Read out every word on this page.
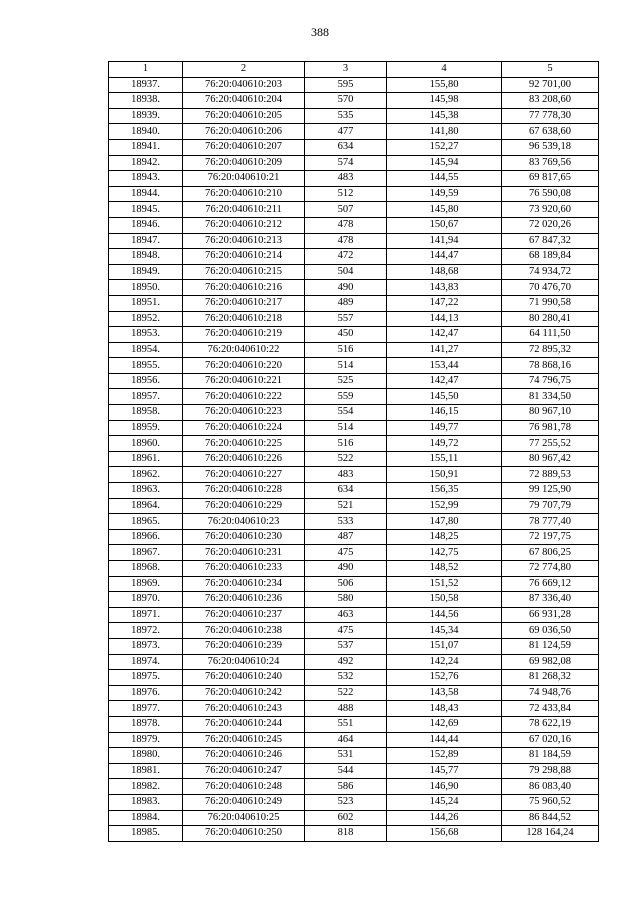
388
1	2	3	4	5
18937.	76:20:040610:203	595	155,80	92 701,00
18938.	76:20:040610:204	570	145,98	83 208,60
18939.	76:20:040610:205	535	145,38	77 778,30
18940.	76:20:040610:206	477	141,80	67 638,60
18941.	76:20:040610:207	634	152,27	96 539,18
18942.	76:20:040610:209	574	145,94	83 769,56
18943.	76:20:040610:21	483	144,55	69 817,65
18944.	76:20:040610:210	512	149,59	76 590,08
18945.	76:20:040610:211	507	145,80	73 920,60
18946.	76:20:040610:212	478	150,67	72 020,26
18947.	76:20:040610:213	478	141,94	67 847,32
18948.	76:20:040610:214	472	144,47	68 189,84
18949.	76:20:040610:215	504	148,68	74 934,72
18950.	76:20:040610:216	490	143,83	70 476,70
18951.	76:20:040610:217	489	147,22	71 990,58
18952.	76:20:040610:218	557	144,13	80 280,41
18953.	76:20:040610:219	450	142,47	64 111,50
18954.	76:20:040610:22	516	141,27	72 895,32
18955.	76:20:040610:220	514	153,44	78 868,16
18956.	76:20:040610:221	525	142,47	74 796,75
18957.	76:20:040610:222	559	145,50	81 334,50
18958.	76:20:040610:223	554	146,15	80 967,10
18959.	76:20:040610:224	514	149,77	76 981,78
18960.	76:20:040610:225	516	149,72	77 255,52
18961.	76:20:040610:226	522	155,11	80 967,42
18962.	76:20:040610:227	483	150,91	72 889,53
18963.	76:20:040610:228	634	156,35	99 125,90
18964.	76:20:040610:229	521	152,99	79 707,79
18965.	76:20:040610:23	533	147,80	78 777,40
18966.	76:20:040610:230	487	148,25	72 197,75
18967.	76:20:040610:231	475	142,75	67 806,25
18968.	76:20:040610:233	490	148,52	72 774,80
18969.	76:20:040610:234	506	151,52	76 669,12
18970.	76:20:040610:236	580	150,58	87 336,40
18971.	76:20:040610:237	463	144,56	66 931,28
18972.	76:20:040610:238	475	145,34	69 036,50
18973.	76:20:040610:239	537	151,07	81 124,59
18974.	76:20:040610:24	492	142,24	69 982,08
18975.	76:20:040610:240	532	152,76	81 268,32
18976.	76:20:040610:242	522	143,58	74 948,76
18977.	76:20:040610:243	488	148,43	72 433,84
18978.	76:20:040610:244	551	142,69	78 622,19
18979.	76:20:040610:245	464	144,44	67 020,16
18980.	76:20:040610:246	531	152,89	81 184,59
18981.	76:20:040610:247	544	145,77	79 298,88
18982.	76:20:040610:248	586	146,90	86 083,40
18983.	76:20:040610:249	523	145,24	75 960,52
18984.	76:20:040610:25	602	144,26	86 844,52
18985.	76:20:040610:250	818	156,68	128 164,24
